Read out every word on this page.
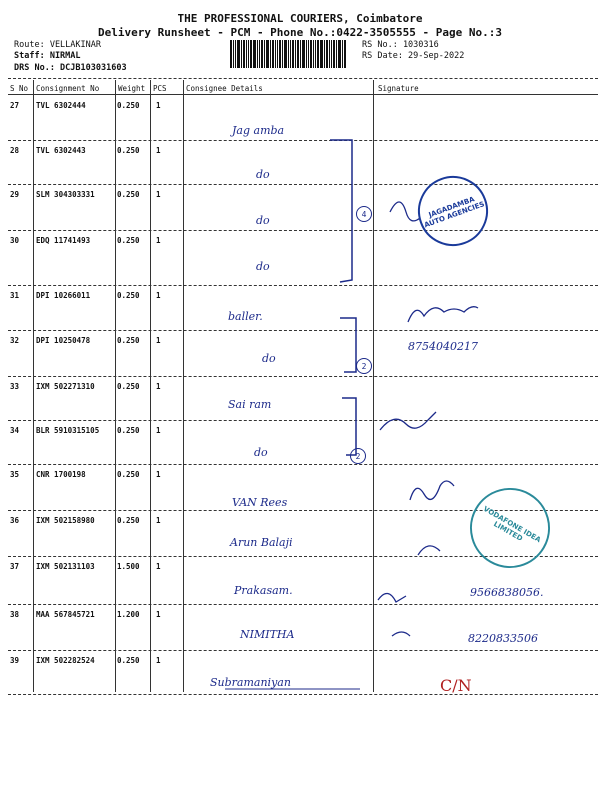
THE PROFESSIONAL COURIERS, Coimbatore
Delivery Runsheet - PCM - Phone No.:0422-3505555 - Page No.:3
Route: VELLAKINAR
Staff: NIRMAL
DRS No.: DCJB103031603
RS No.: 1030316
RS Date: 29-Sep-2022
S No Consignment No	Weight PCS	Consignee Details	Signature
27 TVL 6302444	0.250 1
Jag amba
28 TVL 6302443	0.250 1
do
29 SLM 304303331	0.250 1
do
30 EDQ 11741493	0.250 1
do
31 DPI 10266011	0.250 1
baller.
32 DPI 10250478	0.250 1
do
8754040217
33 IXM 502271310	0.250 1
Sai ram
34 BLR 5910315105 0.250 1
do
35 CNR 1700198	0.250 1
VAN Rees
36 IXM 502158980	0.250 1
Arun Balaji
37 IXM 502131103	1.500 1
Prakasam.	9566838056.
38 MAA 567845721	1.200 1
NIMITHA	8220833506
39 IXM 502282524	0.250 1
Subramaniyan	C/N
4
2
2
JAGADAMBA AUTO AGENCIES
VODAFONE IDEA LIMITED
